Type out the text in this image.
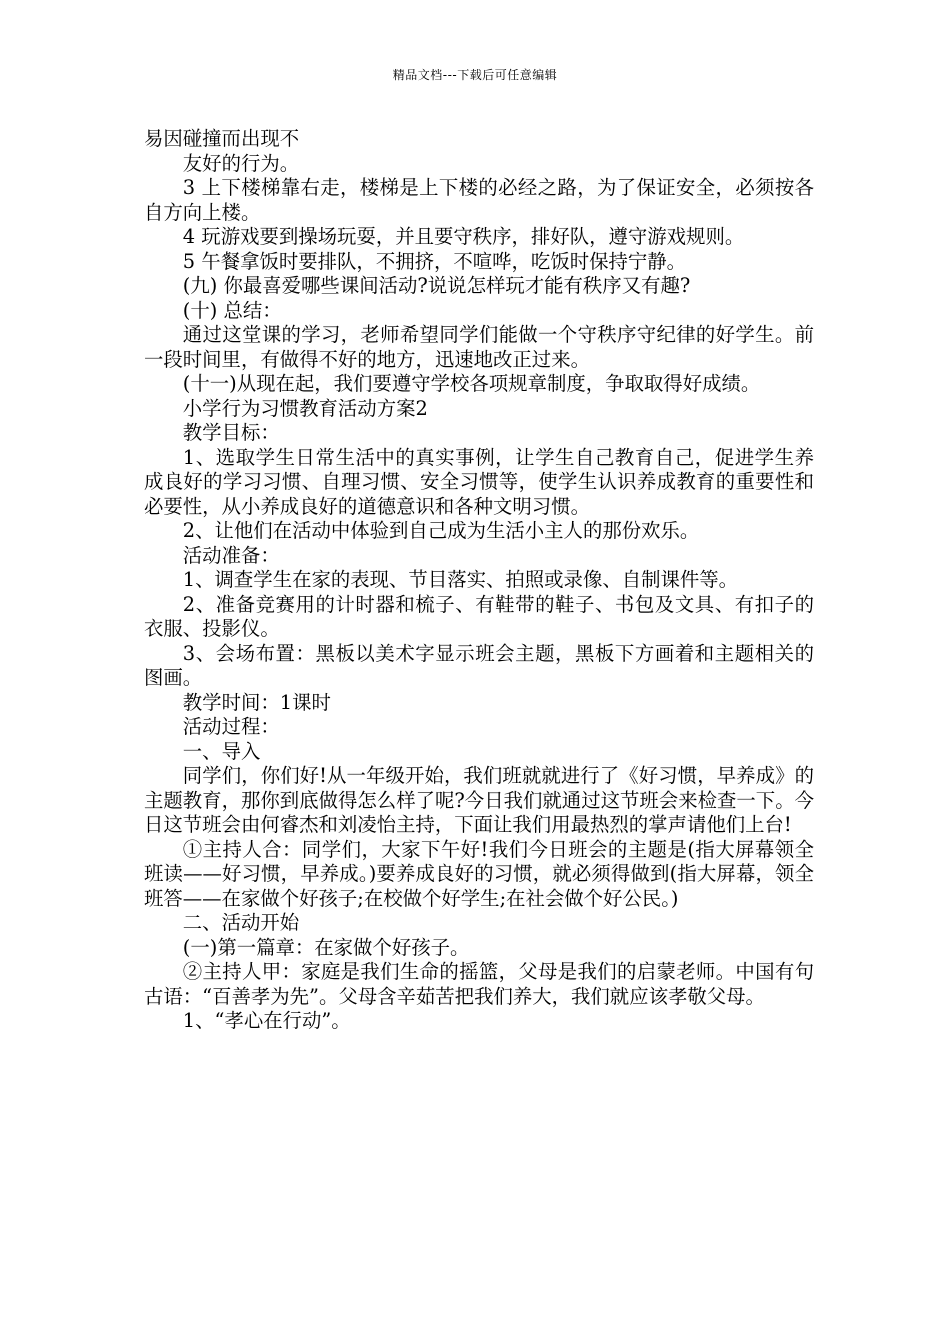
精品文档---下载后可任意编辑

易因碰撞而出现不

友好的行为。

3 上下楼梯靠右走，楼梯是上下楼的必经之路，为了保证安全，必须按各自方向上楼。

4 玩游戏要到操场玩耍，并且要守秩序，排好队，遵守游戏规则。

5 午餐拿饭时要排队，不拥挤，不喧哗，吃饭时保持宁静。

(九) 你最喜爱哪些课间活动?说说怎样玩才能有秩序又有趣?

(十) 总结：

通过这堂课的学习，老师希望同学们能做一个守秩序守纪律的好学生。前一段时间里，有做得不好的地方，迅速地改正过来。

(十一)从现在起，我们要遵守学校各项规章制度，争取取得好成绩。

小学行为习惯教育活动方案2

教学目标：

1、选取学生日常生活中的真实事例，让学生自己教育自己，促进学生养成良好的学习习惯、自理习惯、安全习惯等，使学生认识养成教育的重要性和必要性，从小养成良好的道德意识和各种文明习惯。

2、让他们在活动中体验到自己成为生活小主人的那份欢乐。

活动准备：

1、调查学生在家的表现、节目落实、拍照或录像、自制课件等。

2、准备竞赛用的计时器和梳子、有鞋带的鞋子、书包及文具、有扣子的衣服、投影仪。

3、会场布置：黑板以美术字显示班会主题，黑板下方画着和主题相关的图画。

教学时间：1课时

活动过程：

一、导入

同学们，你们好!从一年级开始，我们班就就进行了《好习惯，早养成》的主题教育，那你到底做得怎么样了呢?今日我们就通过这节班会来检查一下。今日这节班会由何睿杰和刘凌怡主持，下面让我们用最热烈的掌声请他们上台!

①主持人合：同学们，大家下午好!我们今日班会的主题是(指大屏幕领全班读——好习惯，早养成。)要养成良好的习惯，就必须得做到(指大屏幕，领全班答——在家做个好孩子;在校做个好学生;在社会做个好公民。)

二、活动开始

(一)第一篇章：在家做个好孩子。

②主持人甲：家庭是我们生命的摇篮，父母是我们的启蒙老师。中国有句古语：“百善孝为先”。父母含辛茹苦把我们养大，我们就应该孝敬父母。

1、“孝心在行动”。
